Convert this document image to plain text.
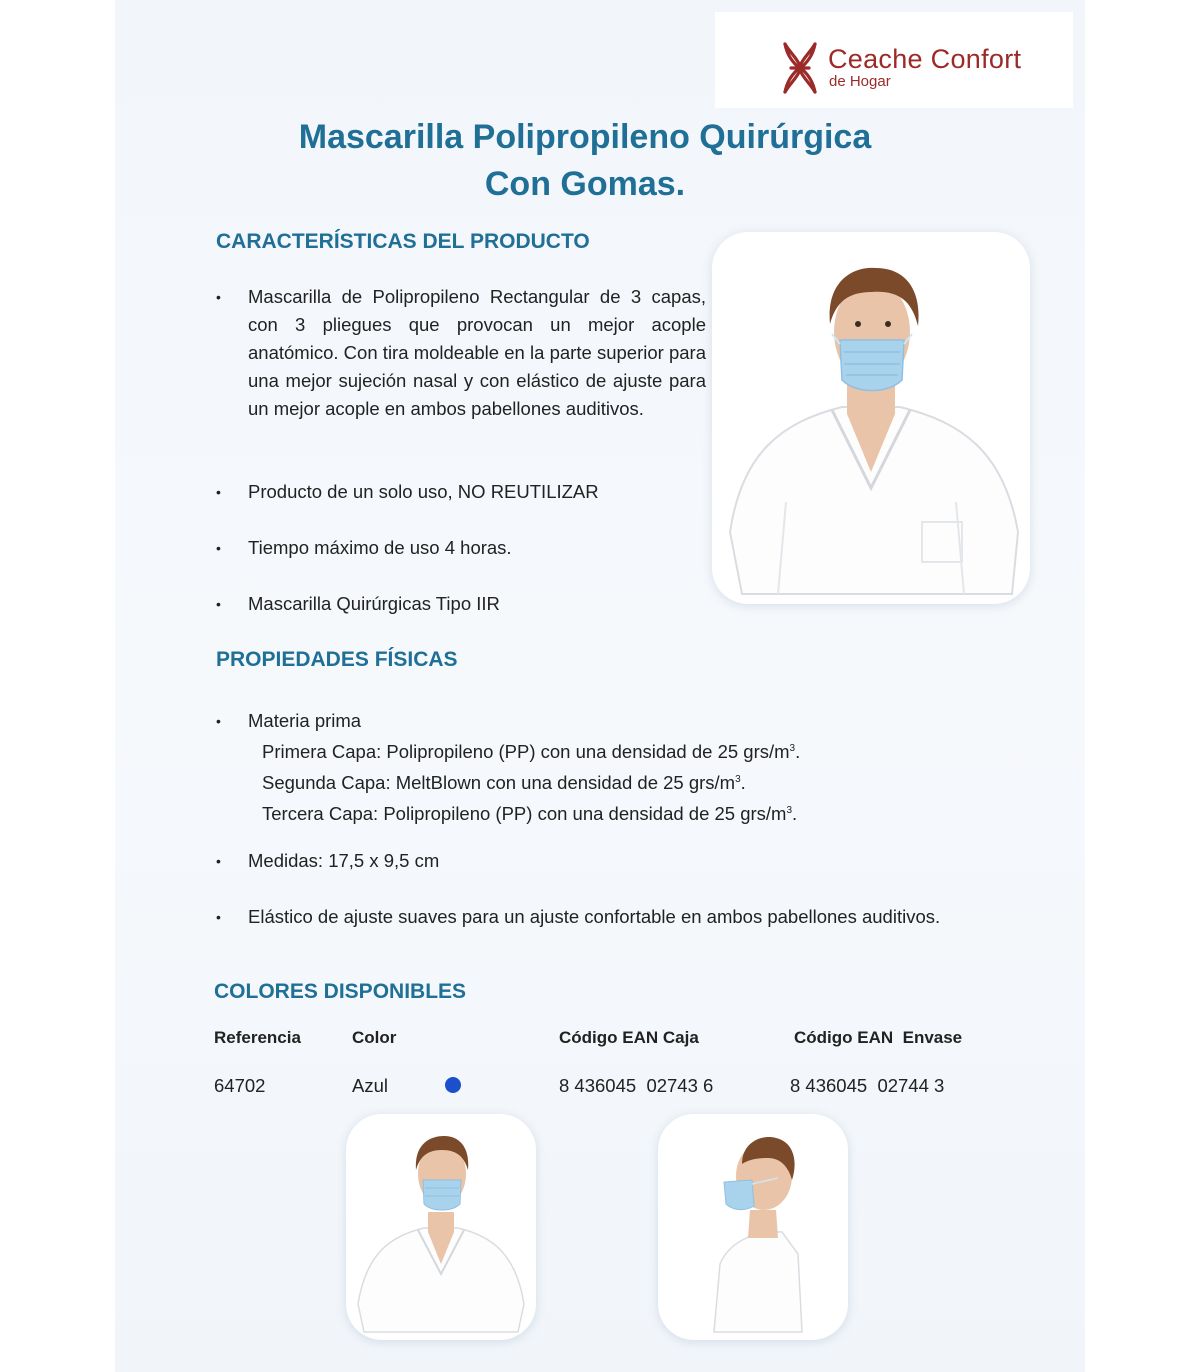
Ceache Confort
de Hogar
Mascarilla Polipropileno Quirúrgica
Con Gomas.
CARACTERÍSTICAS DEL PRODUCTO
• Mascarilla de Polipropileno Rectangular de 3 capas, con 3 pliegues que provocan un mejor acople anatómico. Con tira moldeable en la parte superior para una mejor sujeción nasal y con elástico de ajuste para un mejor acople en ambos pabellones auditivos.
• Producto de un solo uso, NO REUTILIZAR
• Tiempo máximo de uso 4 horas.
• Mascarilla Quirúrgicas Tipo IIR
PROPIEDADES FÍSICAS
• Materia prima
Primera Capa: Polipropileno (PP) con una densidad de 25 grs/$m^3$.
Segunda Capa: MeltBlown con una densidad de 25 grs/$m^3$.
Tercera Capa: Polipropileno (PP) con una densidad de 25 grs/$m^3$.
• Medidas: 17,5 x 9,5 cm
• Elástico de ajuste suaves para un ajuste confortable en ambos pabellones auditivos.
COLORES DISPONIBLES
Referencia	Color	Código EAN Caja	Código EAN  Envase
64702	Azul	8 436045  02743 6	8 436045  02744 3
